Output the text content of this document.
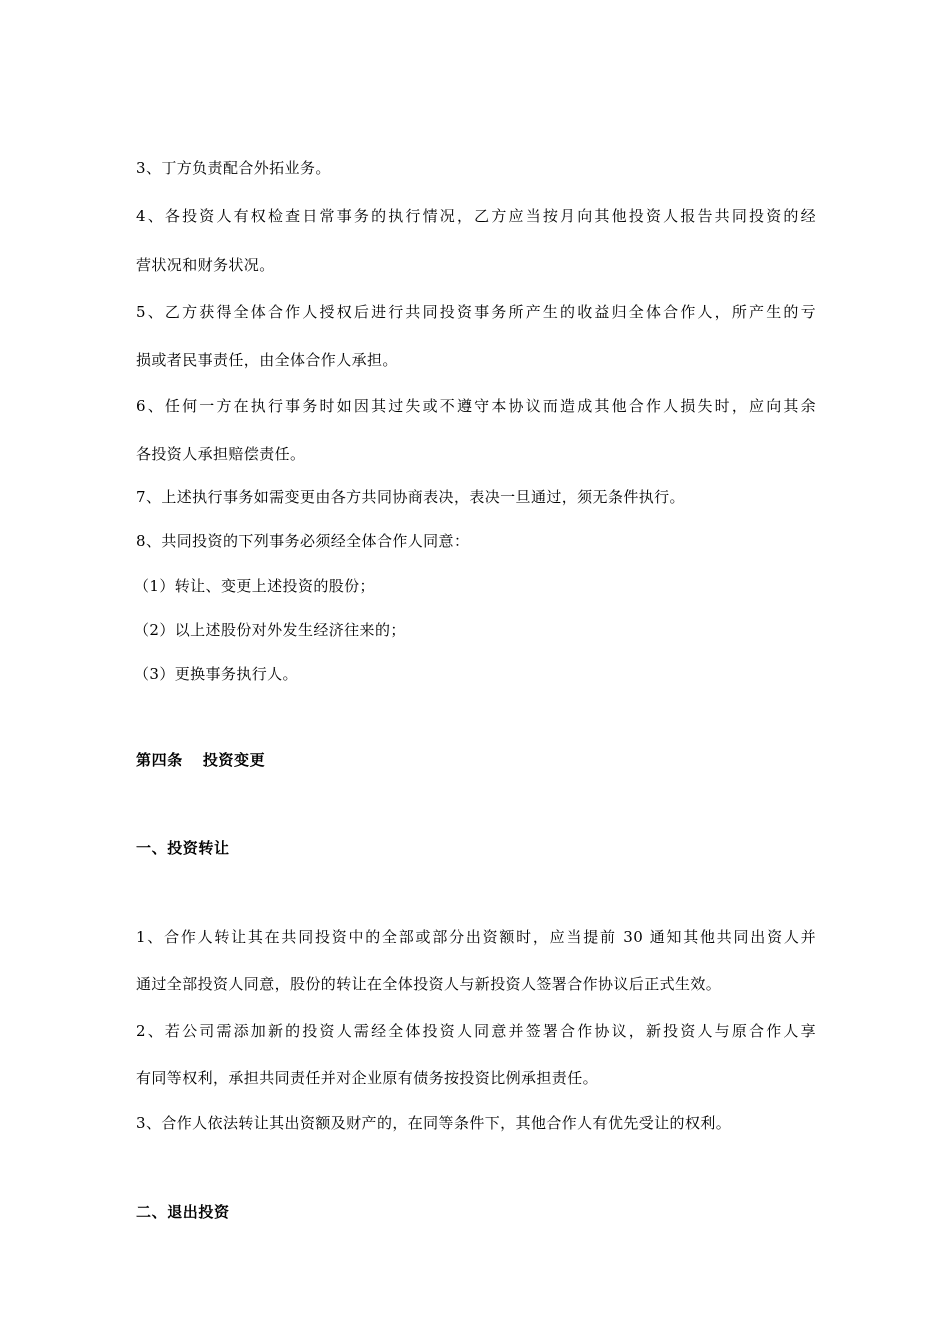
3、丁方负责配合外拓业务。
4、各投资人有权检查日常事务的执行情况，乙方应当按月向其他投资人报告共同投资的经
营状况和财务状况。
5、乙方获得全体合作人授权后进行共同投资事务所产生的收益归全体合作人，所产生的亏
损或者民事责任，由全体合作人承担。
6、任何一方在执行事务时如因其过失或不遵守本协议而造成其他合作人损失时，应向其余
各投资人承担赔偿责任。
7、上述执行事务如需变更由各方共同协商表决，表决一旦通过，须无条件执行。
8、共同投资的下列事务必须经全体合作人同意：
（1）转让、变更上述投资的股份；
（2）以上述股份对外发生经济往来的；
（3）更换事务执行人。
第四条 投资变更
一、投资转让
1、合作人转让其在共同投资中的全部或部分出资额时，应当提前 30 通知其他共同出资人并
通过全部投资人同意，股份的转让在全体投资人与新投资人签署合作协议后正式生效。
2、若公司需添加新的投资人需经全体投资人同意并签署合作协议，新投资人与原合作人享
有同等权利，承担共同责任并对企业原有债务按投资比例承担责任。
3、合作人依法转让其出资额及财产的，在同等条件下，其他合作人有优先受让的权利。
二、退出投资
